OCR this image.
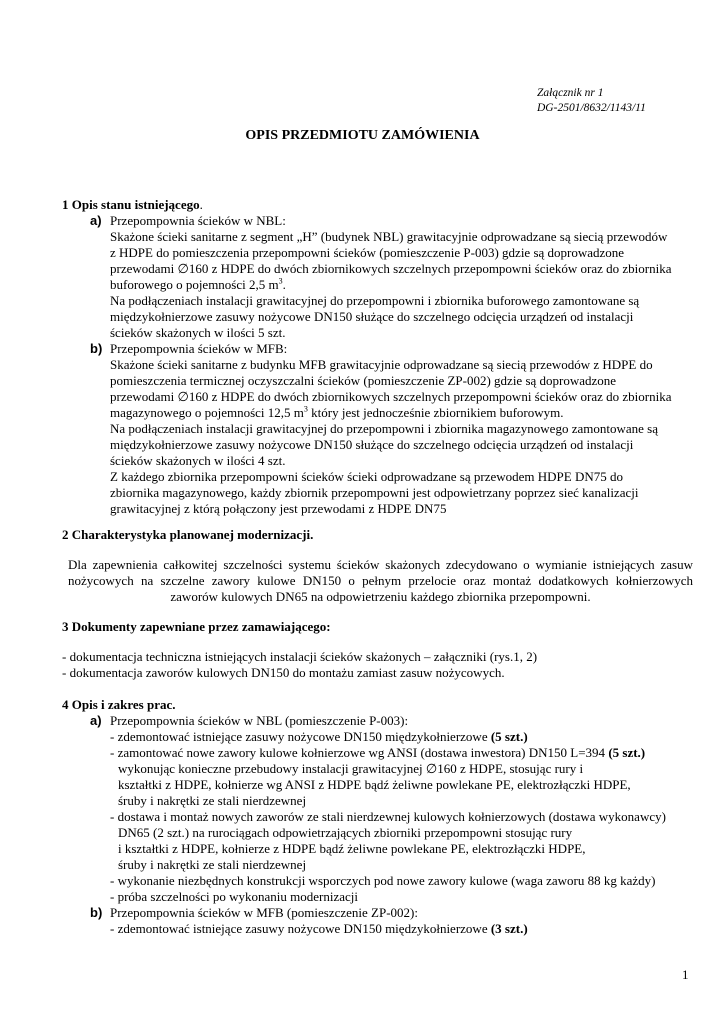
Załącznik nr 1
DG-2501/8632/1143/11
OPIS PRZEDMIOTU ZAMÓWIENIA
1 Opis stanu istniejącego.
a) Przepompownia ścieków w NBL:
Skażone ścieki sanitarne z segment „H” (budynek NBL) grawitacyjnie odprowadzane są siecią przewodów
z HDPE do pomieszczenia przepompowni ścieków (pomieszczenie P-003) gdzie są doprowadzone
przewodami ∅160 z HDPE do dwóch zbiornikowych szczelnych przepompowni ścieków oraz do zbiornika
buforowego o pojemności 2,5 $m^3$.
Na podłączeniach instalacji grawitacyjnej do przepompowni i zbiornika buforowego zamontowane są
międzykołnierzowe zasuwy nożycowe DN150 służące do szczelnego odcięcia urządzeń od instalacji
ścieków skażonych w ilości 5 szt.
b) Przepompownia ścieków w MFB:
Skażone ścieki sanitarne z budynku MFB grawitacyjnie odprowadzane są siecią przewodów z HDPE do
pomieszczenia termicznej oczyszczalni ścieków (pomieszczenie ZP-002) gdzie są doprowadzone
przewodami ∅160 z HDPE do dwóch zbiornikowych szczelnych przepompowni ścieków oraz do zbiornika
magazynowego o pojemności 12,5 $m^3$ który jest jednocześnie zbiornikiem buforowym.
Na podłączeniach instalacji grawitacyjnej do przepompowni i zbiornika magazynowego zamontowane są
międzykołnierzowe zasuwy nożycowe DN150 służące do szczelnego odcięcia urządzeń od instalacji
ścieków skażonych w ilości 4 szt.
Z każdego zbiornika przepompowni ścieków ścieki odprowadzane są przewodem HDPE DN75 do
zbiornika magazynowego, każdy zbiornik przepompowni jest odpowietrzany poprzez sieć kanalizacji
grawitacyjnej z którą połączony jest przewodami z HDPE DN75
2 Charakterystyka planowanej modernizacji.
Dla zapewnienia całkowitej szczelności systemu ścieków skażonych zdecydowano o wymianie istniejących zasuw nożycowych na szczelne zawory kulowe DN150 o pełnym przelocie oraz montaż dodatkowych kołnierzowych zaworów kulowych DN65 na odpowietrzeniu każdego zbiornika przepompowni.
3 Dokumenty zapewniane przez zamawiającego:
- dokumentacja techniczna istniejących instalacji ścieków skażonych – załączniki (rys.1, 2)
- dokumentacja zaworów kulowych DN150 do montażu zamiast zasuw nożycowych.
4 Opis i zakres prac.
a) Przepompownia ścieków w NBL (pomieszczenie P-003):
- zdemontować istniejące zasuwy nożycowe DN150 międzykołnierzowe (5 szt.)
- zamontować nowe zawory kulowe kołnierzowe wg ANSI (dostawa inwestora) DN150 L=394 (5 szt.)
wykonując konieczne przebudowy instalacji grawitacyjnej ∅160 z HDPE, stosując rury i
kształtki z HDPE, kołnierze wg ANSI z HDPE bądź żeliwne powlekane PE, elektrozłączki HDPE,
śruby i nakrętki ze stali nierdzewnej
- dostawa i montaż nowych zaworów ze stali nierdzewnej kulowych kołnierzowych (dostawa wykonawcy)
DN65 (2 szt.) na rurociągach odpowietrzających zbiorniki przepompowni stosując rury
i kształtki z HDPE, kołnierze z HDPE bądź żeliwne powlekane PE, elektrozłączki HDPE,
śruby i nakrętki ze stali nierdzewnej
- wykonanie niezbędnych konstrukcji wsporczych pod nowe zawory kulowe (waga zaworu 88 kg każdy)
- próba szczelności po wykonaniu modernizacji
b) Przepompownia ścieków w MFB (pomieszczenie ZP-002):
- zdemontować istniejące zasuwy nożycowe DN150 międzykołnierzowe (3 szt.)
1
